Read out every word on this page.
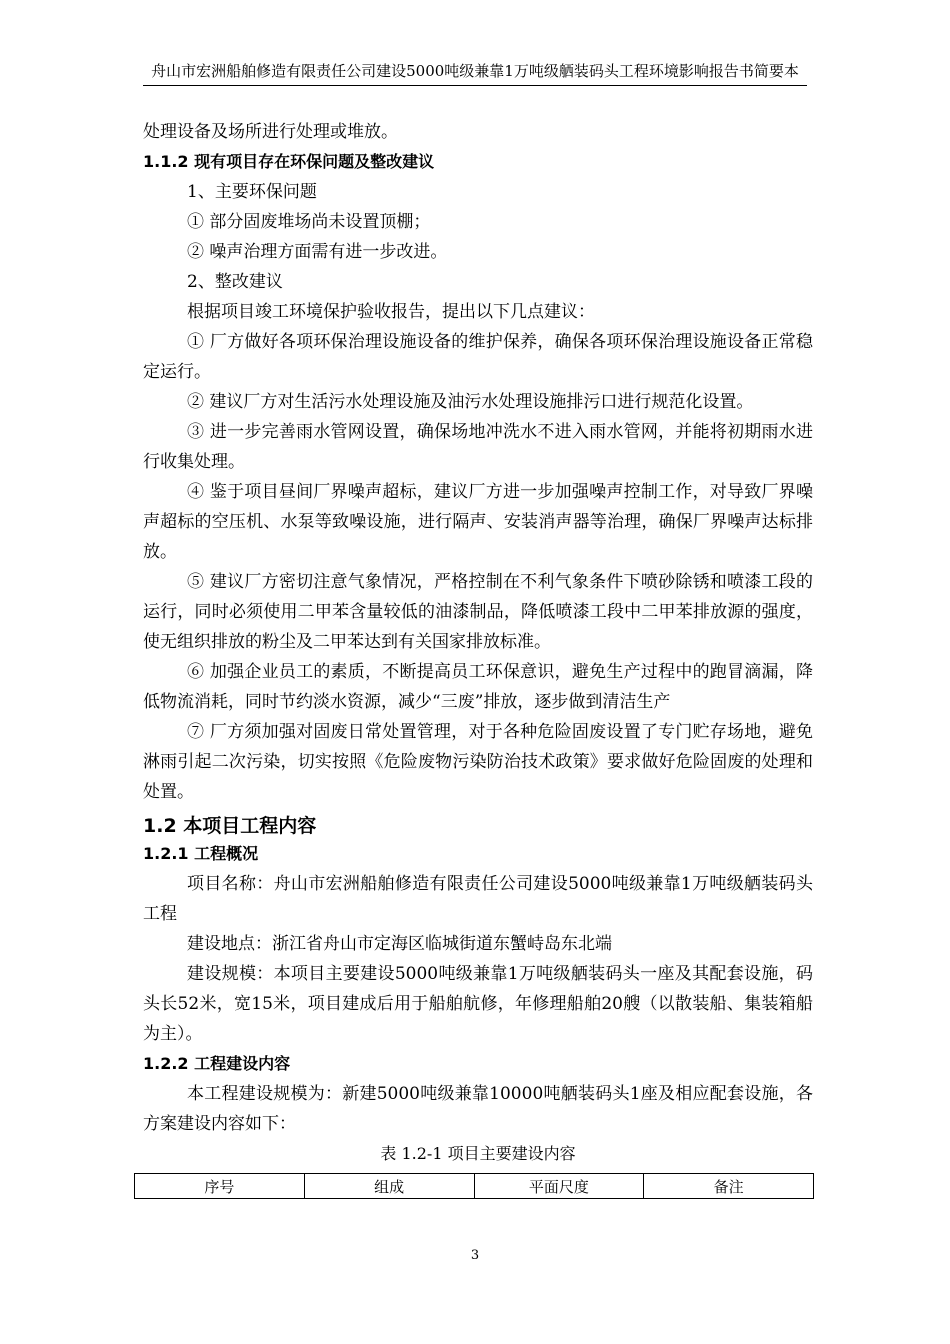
舟山市宏洲船舶修造有限责任公司建设5000吨级兼靠1万吨级舾装码头工程环境影响报告书简要本

处理设备及场所进行处理或堆放。

1.1.2 现有项目存在环保问题及整改建议

1、主要环保问题

① 部分固废堆场尚未设置顶棚；

② 噪声治理方面需有进一步改进。

2、整改建议

根据项目竣工环境保护验收报告，提出以下几点建议：

① 厂方做好各项环保治理设施设备的维护保养，确保各项环保治理设施设备正常稳定运行。

② 建议厂方对生活污水处理设施及油污水处理设施排污口进行规范化设置。

③ 进一步完善雨水管网设置，确保场地冲洗水不进入雨水管网，并能将初期雨水进行收集处理。

④ 鉴于项目昼间厂界噪声超标，建议厂方进一步加强噪声控制工作，对导致厂界噪声超标的空压机、水泵等致噪设施，进行隔声、安装消声器等治理，确保厂界噪声达标排放。

⑤ 建议厂方密切注意气象情况，严格控制在不利气象条件下喷砂除锈和喷漆工段的运行，同时必须使用二甲苯含量较低的油漆制品，降低喷漆工段中二甲苯排放源的强度，使无组织排放的粉尘及二甲苯达到有关国家排放标准。

⑥ 加强企业员工的素质，不断提高员工环保意识，避免生产过程中的跑冒滴漏，降低物流消耗，同时节约淡水资源，减少“三废”排放，逐步做到清洁生产

⑦ 厂方须加强对固废日常处置管理，对于各种危险固废设置了专门贮存场地，避免淋雨引起二次污染，切实按照《危险废物污染防治技术政策》要求做好危险固废的处理和处置。

1.2 本项目工程内容

1.2.1 工程概况

项目名称：舟山市宏洲船舶修造有限责任公司建设5000吨级兼靠1万吨级舾装码头工程

建设地点：浙江省舟山市定海区临城街道东蟹峙岛东北端

建设规模：本项目主要建设5000吨级兼靠1万吨级舾装码头一座及其配套设施，码头长52米，宽15米，项目建成后用于船舶航修，年修理船舶20艘（以散装船、集装箱船为主）。

1.2.2 工程建设内容

本工程建设规模为：新建5000吨级兼靠10000吨舾装码头1座及相应配套设施，各方案建设内容如下：

表 1.2-1 项目主要建设内容

序号	组成	平面尺度	备注
3
